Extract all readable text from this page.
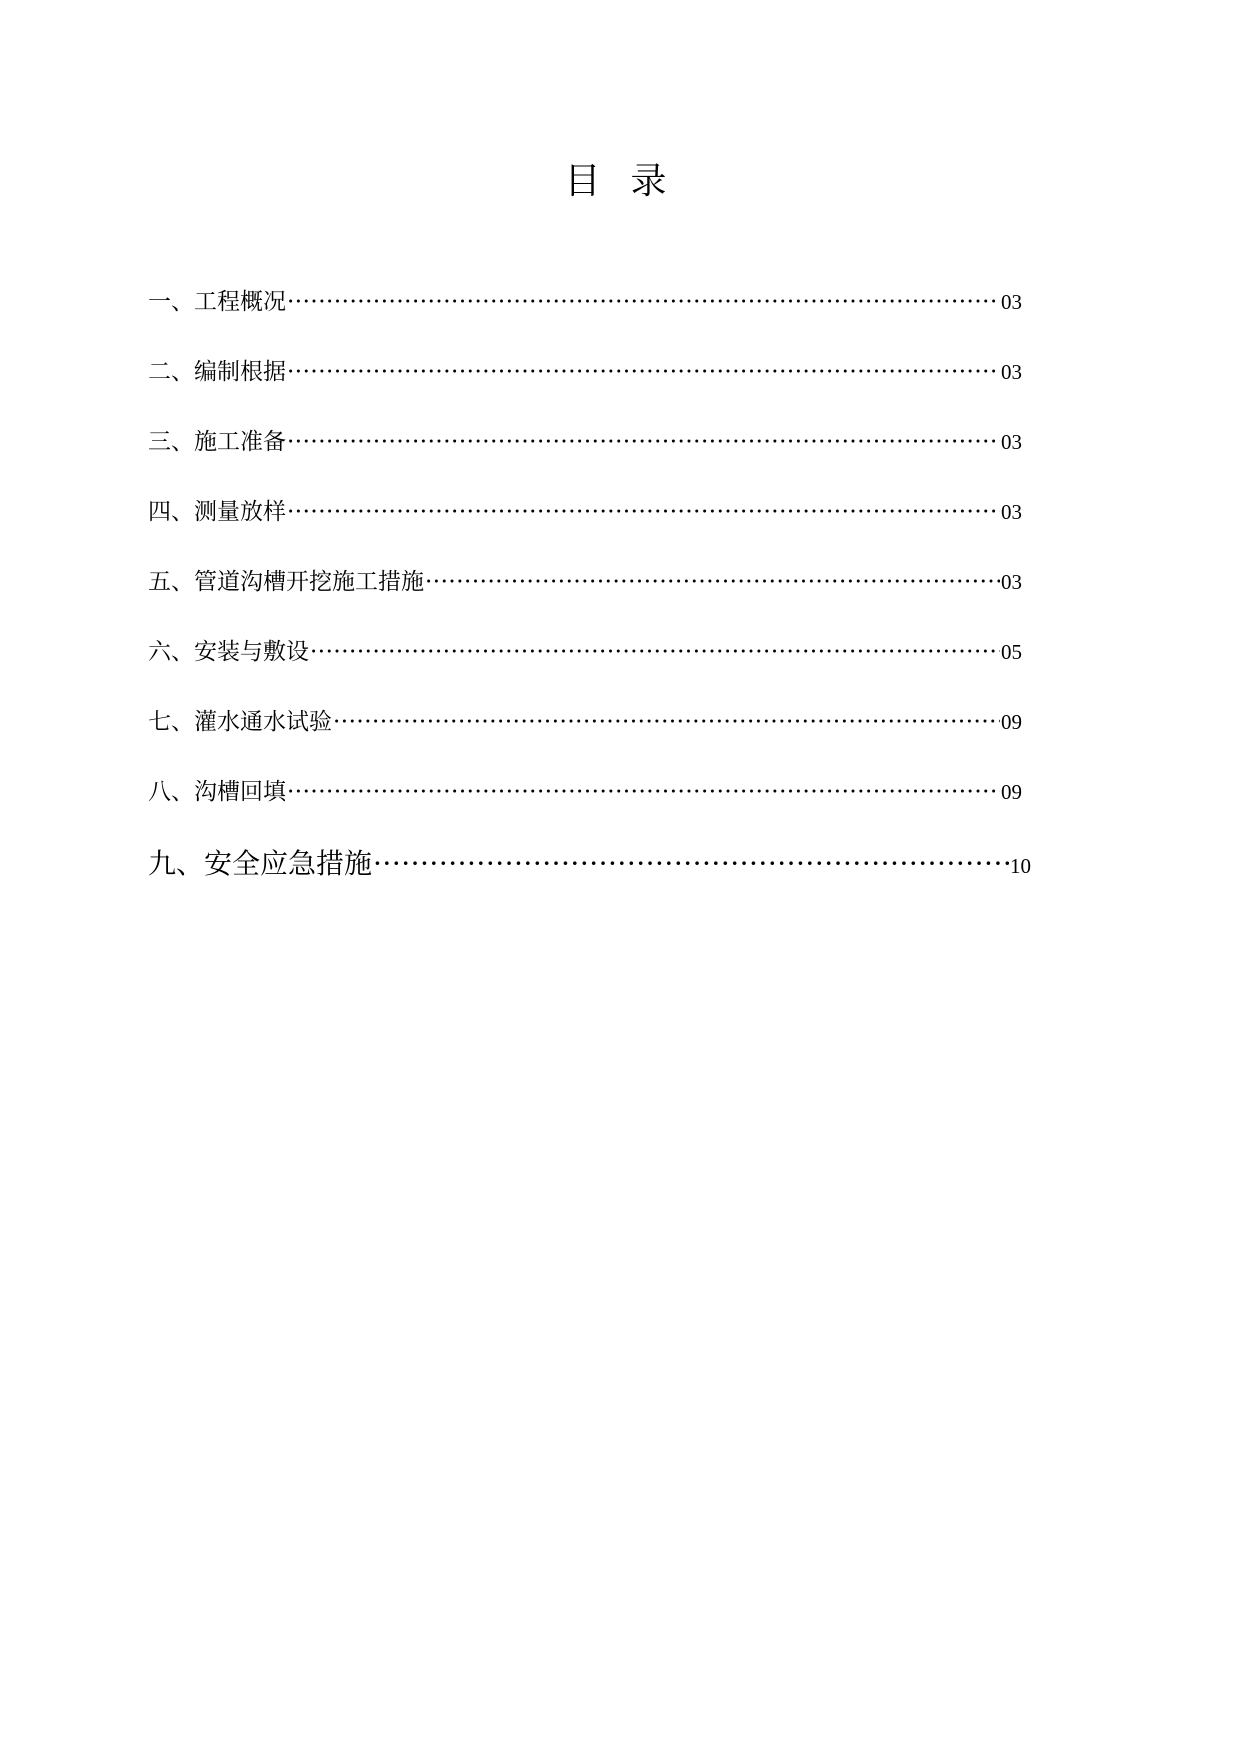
目录
一、工程概况 ·····	03
二、编制根据 ·····	03
三、施工准备 ·····	03
四、测量放样 ·····	03
五、管道沟槽开挖施工措施 ·····	03
六、安装与敷设 ·····	05
七、灌水通水试验 ·····	09
八、沟槽回填 ·····	09
九、安全应急措施 ·····	10
